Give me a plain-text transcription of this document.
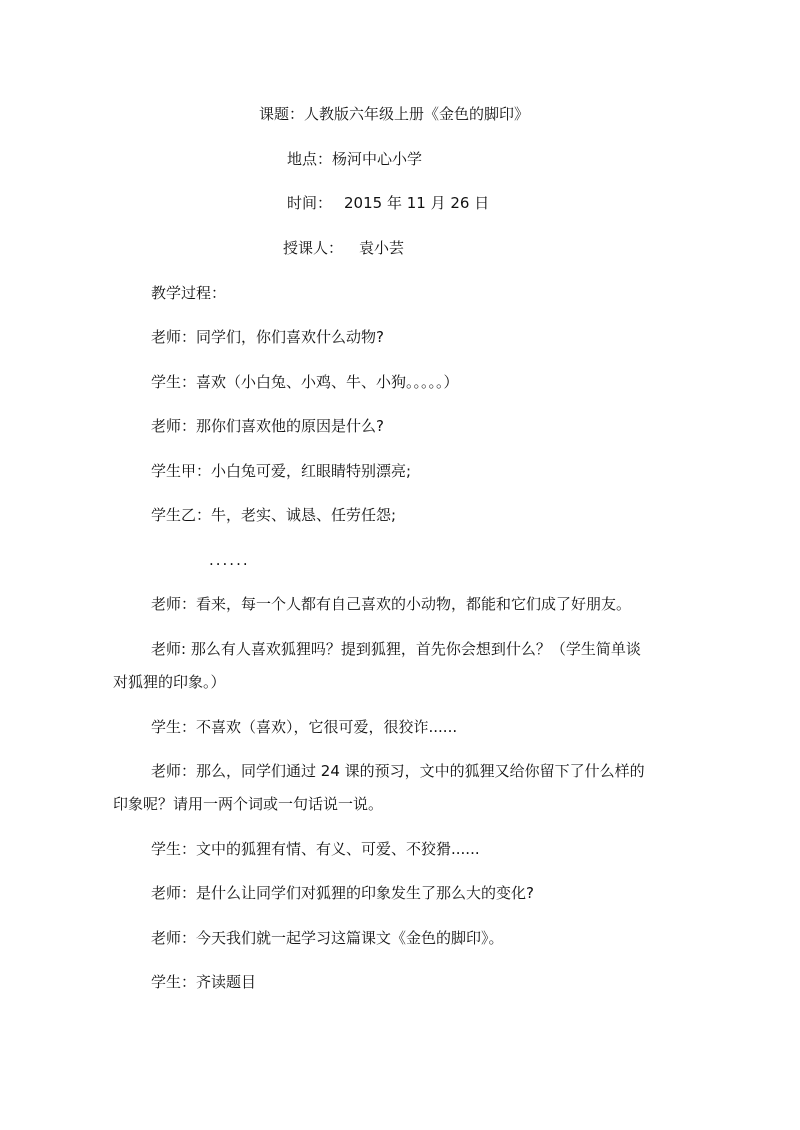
课题：人教版六年级上册《金色的脚印》
地点：杨河中心小学
时间： 2015 年 11 月 26 日
授课人： 袁小芸
教学过程：
老师：同学们，你们喜欢什么动物?
学生：喜欢（小白兔、小鸡、牛、小狗。。。。。）
老师：那你们喜欢他的原因是什么?
学生甲：小白兔可爱，红眼睛特别漂亮;
学生乙：牛，老实、诚恳、任劳任怨;
......
老师：看来，每一个人都有自己喜欢的小动物，都能和它们成了好朋友。
老师: 那么有人喜欢狐狸吗？提到狐狸，首先你会想到什么？（学生简单谈
对狐狸的印象。）
学生：不喜欢（喜欢），它很可爱，很狡诈......
老师：那么，同学们通过 24 课的预习，文中的狐狸又给你留下了什么样的
印象呢？请用一两个词或一句话说一说。
学生：文中的狐狸有情、有义、可爱、不狡猾......
老师：是什么让同学们对狐狸的印象发生了那么大的变化?
老师：今天我们就一起学习这篇课文《金色的脚印》。
学生：齐读题目
